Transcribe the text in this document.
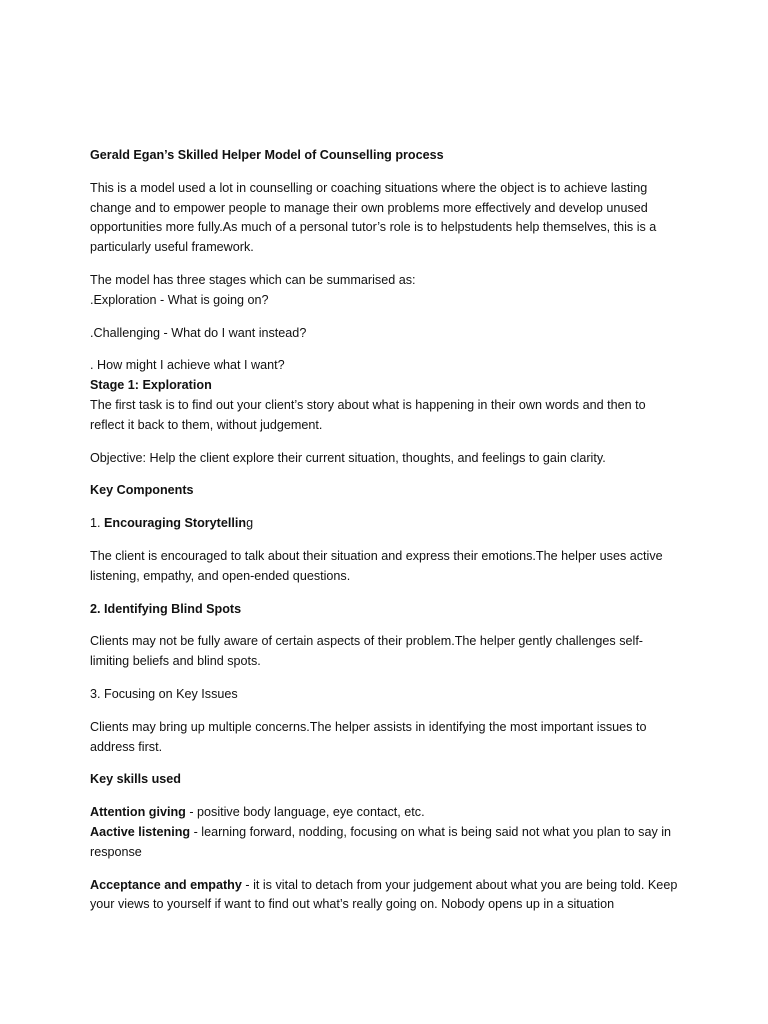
Gerald Egan’s Skilled Helper Model of Counselling process

This is a model used a lot in counselling or coaching situations where the object is to achieve lasting change and to empower people to manage their own problems more effectively and develop unused opportunities more fully.As much of a personal tutor’s role is to helpstudents help themselves, this is a particularly useful framework.

The model has three stages which can be summarised as:

.Exploration - What is going on?

.Challenging - What do I want instead?

. How might I achieve what I want?

Stage 1: Exploration

The first task is to find out your client’s story about what is happening in their own words and then to reflect it back to them, without judgement.

Objective: Help the client explore their current situation, thoughts, and feelings to gain clarity.

Key Components

1. Encouraging Storytelling

The client is encouraged to talk about their situation and express their emotions.The helper uses active listening, empathy, and open-ended questions.

2. Identifying Blind Spots

Clients may not be fully aware of certain aspects of their problem.The helper gently challenges self-limiting beliefs and blind spots.

3. Focusing on Key Issues

Clients may bring up multiple concerns.The helper assists in identifying the most important issues to address first.

Key skills used

Attention giving - positive body language, eye contact, etc.

Aactive listening - learning forward, nodding, focusing on what is being said not what you plan to say in response

Acceptance and empathy - it is vital to detach from your judgement about what you are being told. Keep your views to yourself if want to find out what’s really going on. Nobody opens up in a situation
